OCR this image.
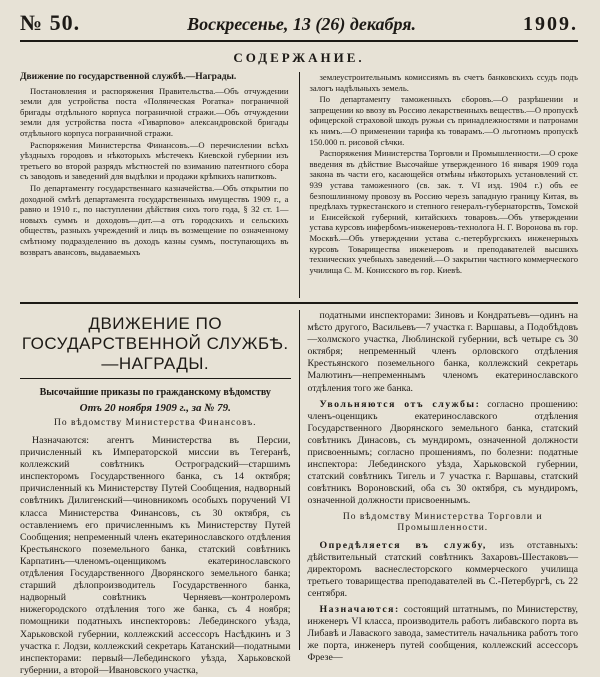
№ 50.	Воскресенье, 13 (26) декабря.	1909.
СОДЕРЖАНИЕ.
Движение по государственной службѣ.—Награды.

Постановления и распоряжения Правительства.—Объ отчуждении земли для устройства поста «Полянческая Рогатка» пограничной бригады отдѣльного корпуса пограничной стражи.—Объ отчуждении земли для устройства поста «Гиварпово» александровской бригады отдѣльного корпуса пограничной стражи.

Распоряжения Министерства Финансовъ.—О перечислении всѣхъ уѣздныхъ городовъ и нѣкоторыхъ мѣстечекъ Киевской губернии изъ третьего во второй разрядъ мѣстностей по взиманию патентного сбора съ заводовъ и заведений для выдѣлки и продажи крѣпкихъ напитковъ.

По департаменту государственнаго казначейства.—Объ открытии по доходной смѣтѣ департамента государственныхъ имуществъ 1909 г., а равно и 1910 г., по наступлении дѣйствия сихъ того года, § 32 ст. 1—новыхъ суммъ и доходовъ—дит.—а отъ городскихъ и сельскихъ обществъ, разныхъ учреждений и лицъ въ возмещение по означенному смѣтному подразделению въ доходъ казны суммъ, поступающихъ въ возвратъ авансовъ, выдаваемыхъ

землеустроительнымъ комиссиямъ въ счетъ банковскихъ ссудъ подъ залогъ надѣльныхъ земель.

По департаменту таможенныхъ сборовъ.—О разрѣшении и запрещении ко ввозу въ Россию лекарственныхъ веществъ.—О пропускѣ офицерской страховой шкодъ ружьи съ принадлежностями и патронами къ нимъ.—О применении тарифа къ товарамъ.—О льготномъ пропускѣ 150.000 п. рисовой сѣчки.

Распоряжения Министерства Торговли и Промышленности.—О сроке введения въ дѣйствие Высочайше утвержденного 16 января 1909 года закона въ части его, касающейся отмѣны нѣкоторыхъ установлений ст. 939 устава таможенного (св. зак. т. VI изд. 1904 г.) объ ее безпошлинному провозу въ Россию черезъ западную границу Китая, въ предѣлахъ туркестанского и степного генералъ-губернаторствъ, Томской и Енисейской губерний, китайскихъ товаровъ.—Объ утверждении устава курсовъ инфербомъ-инженеровъ-технолога Н. Г. Воронова въ гор. Москвѣ.—Объ утверждении устава с.-петербургскихъ инженерныхъ курсовъ Товарищества инженеровъ и преподавателей высшихъ технических учебныхъ заведений.—О закрытии частного коммерческого училища С. М. Конисского въ гор. Киевѣ.

ДВИЖЕНИЕ ПО ГОСУДАРСТВЕННОЙ СЛУЖБѢ.—НАГРАДЫ.
Высочайшие приказы по гражданскому вѣдомству
Отъ 20 ноября 1909 г., за № 79.
По вѣдомству Министерства Финансовъ.

Назначаются: агентъ Министерства въ Персии, причисленный къ Императорской миссии въ Тегеранѣ, коллежский совѣтникъ Остроградский—старшимъ инспекторомъ Государственного банка, съ 14 октября; причисленный къ Министерству Путей Сообщения, надворный совѣтникъ Дилигенский—чиновникомъ особыхъ поручений VI класса Министерства Финансовъ, съ 30 октября, съ оставлениемъ его причисленнымъ къ Министерству Путей Сообщения; непременный членъ екатеринославского отдѣления Крестьянского поземельного банка, статский совѣтникъ Карпатинъ—членомъ-оценщикомъ екатеринославского отдѣления Государственного Дворянского земельного банка; старший дѣлопроизводитель Государственного банка, надворный совѣтникъ Черняевъ—контролеромъ нижегородского отдѣления того же банка, съ 4 ноября; помощники податныхъ инспекторовъ: Лебединского уѣзда, Харьковской губернии, коллежский ассессоръ Насѣдкинъ и 3 участка г. Лодзи, коллежский секретарь Катанский—податными инспекторами: первый—Лебединского уѣзда, Харьковской губернии, а второй—Ивановского участка,

податными инспекторами: Зиновъ и Кондратьевъ—одинъ на мѣсто другого, Васильевъ—7 участка г. Варшавы, а Подобѣдовъ—холмского участка, Люблинской губернии, всѣ четыре съ 30 октября; непременный членъ орловского отдѣления Крестьянского поземельного банка, коллежский секретарь Малютинъ—непременнымъ членомъ екатеринославского отдѣления того же банка.

Увольняются отъ службы: согласно прошению: членъ-оценщикъ екатеринославского отдѣления Государственного Дворянского земельного банка, статский совѣтникъ Динасовъ, съ мундиромъ, означенной должности присвоеннымъ; согласно прошениямъ, по болезни: податные инспектора: Лебединского уѣзда, Харьковской губернии, статский совѣтникъ Тигель и 7 участка г. Варшавы, статский совѣтникъ Вороновский, оба съ 30 октября, съ мундиромъ, означенной должности присвоеннымъ.

По вѣдомству Министерства Торговли и Промышленности.

Опредѣляется въ службу, изъ отставныхъ: дѣйствительный статский совѣтникъ Захаровъ-Шестаковъ—директоромъ васнеслесторского коммерческого училища третьего товарищества преподавателей въ С.-Петербургѣ, съ 22 сентября.

Назначаются: состоящий штатнымъ, по Министерству, инженеръ VI класса, производитель работъ либавского порта въ Либавѣ и Лаваского завода, заместитель начальника работъ того же порта, инженеръ путей сообщения, коллежский ассессоръ Фрезе—
